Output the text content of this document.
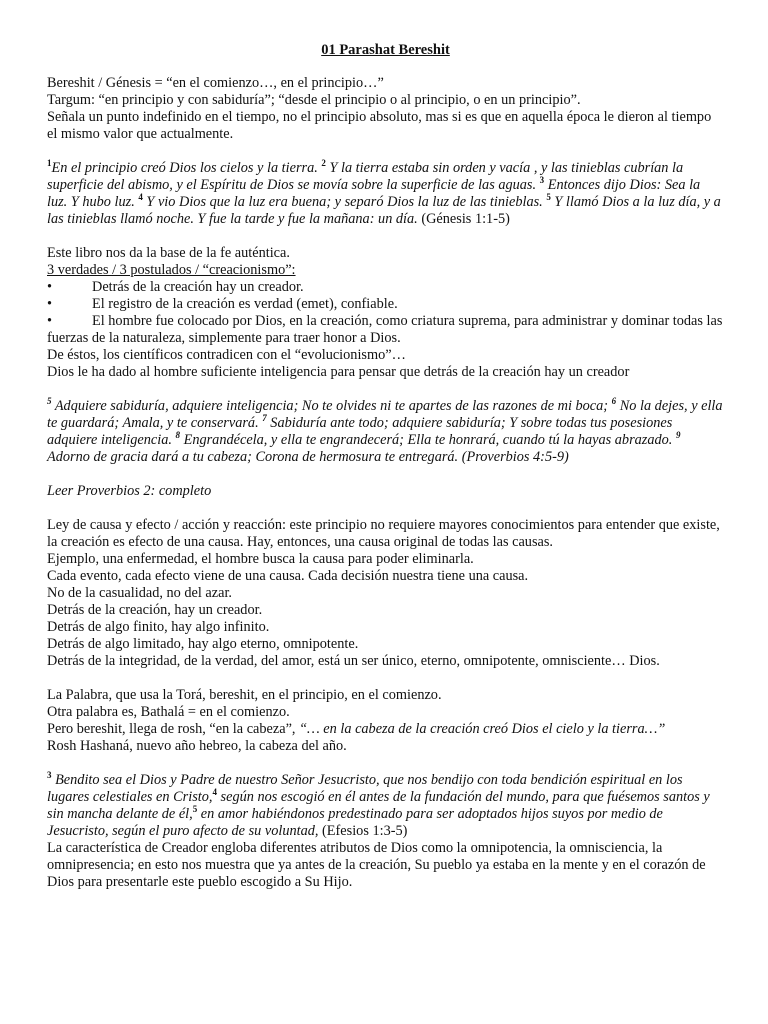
01 Parashat Bereshit
Bereshit / Génesis = “en el comienzo…, en el principio…”
Targum: “en principio y con sabiduría”; “desde el principio o al principio, o en un principio”.
Señala un punto indefinido en el tiempo, no el principio absoluto, mas si es que en aquella época le dieron al tiempo el mismo valor que actualmente.
$^1$En el principio creó Dios los cielos y la tierra. $^2$ Y la tierra estaba sin orden y vacía , y las tinieblas cubrían la superficie del abismo, y el Espíritu de Dios se movía sobre la superficie de las aguas. $^3$ Entonces dijo Dios: Sea la luz. Y hubo luz. $^4$ Y vio Dios que la luz era buena; y separó Dios la luz de las tinieblas. $^5$ Y llamó Dios a la luz día, y a las tinieblas llamó noche. Y fue la tarde y fue la mañana: un día. (Génesis 1:1-5)
Este libro nos da la base de la fe auténtica.
3 verdades / 3 postulados / “creacionismo”:
•	Detrás de la creación hay un creador.
•	El registro de la creación es verdad (emet), confiable.
•	El hombre fue colocado por Dios, en la creación, como criatura suprema, para administrar y dominar todas las fuerzas de la naturaleza, simplemente para traer honor a Dios.
De éstos, los científicos contradicen con el “evolucionismo”…
Dios le ha dado al hombre suficiente inteligencia para pensar que detrás de la creación hay un creador
$^5$ Adquiere sabiduría, adquiere inteligencia; No te olvides ni te apartes de las razones de mi boca; $^6$ No la dejes, y ella te guardará; Amala, y te conservará. $^7$ Sabiduría ante todo; adquiere sabiduría; Y sobre todas tus posesiones adquiere inteligencia. $^8$ Engrandécela, y ella te engrandecerá; Ella te honrará, cuando tú la hayas abrazado. $^9$ Adorno de gracia dará a tu cabeza; Corona de hermosura te entregará. (Proverbios 4:5-9)
Leer Proverbios 2: completo
Ley de causa y efecto / acción y reacción: este principio no requiere mayores conocimientos para entender que existe, la creación es efecto de una causa. Hay, entonces, una causa original de todas las causas.
Ejemplo, una enfermedad, el hombre busca la causa para poder eliminarla.
Cada evento, cada efecto viene de una causa. Cada decisión nuestra tiene una causa.
No de la casualidad, no del azar.
Detrás de la creación, hay un creador.
Detrás de algo finito, hay algo infinito.
Detrás de algo limitado, hay algo eterno, omnipotente.
Detrás de la integridad, de la verdad, del amor, está un ser único, eterno, omnipotente, omnisciente… Dios.
La Palabra, que usa la Torá, bereshit, en el principio, en el comienzo.
Otra palabra es, Bathalá = en el comienzo.
Pero bereshit, llega de rosh, “en la cabeza”, “… en la cabeza de la creación creó Dios el cielo y la tierra…”
Rosh Hashaná, nuevo año hebreo, la cabeza del año.
$^3$ Bendito sea el Dios y Padre de nuestro Señor Jesucristo, que nos bendijo con toda bendición espiritual en los lugares celestiales en Cristo,$^4$ según nos escogió en él antes de la fundación del mundo, para que fuésemos santos y sin mancha delante de él,$^5$ en amor habiéndonos predestinado para ser adoptados hijos suyos por medio de Jesucristo, según el puro afecto de su voluntad, (Efesios 1:3-5)
La característica de Creador engloba diferentes atributos de Dios como la omnipotencia, la omnisciencia, la omnipresencia; en esto nos muestra que ya antes de la creación, Su pueblo ya estaba en la mente y en el corazón de Dios para presentarle este pueblo escogido a Su Hijo.
